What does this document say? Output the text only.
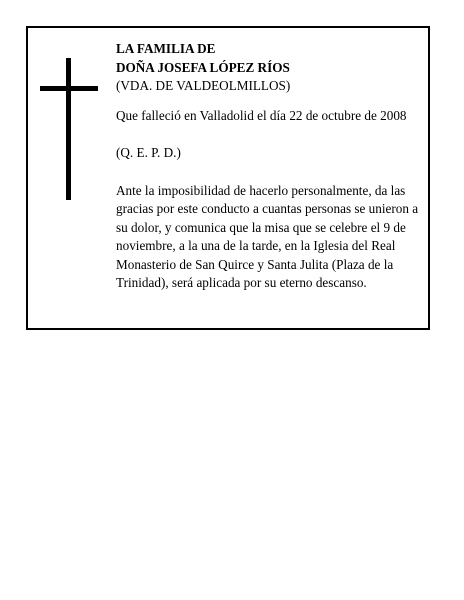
LA FAMILIA DE

DOÑA JOSEFA LÓPEZ RÍOS

(VDA. DE VALDEOLMILLOS)

Que falleció en Valladolid el día 22 de octubre de 2008

(Q. E. P. D.)

Ante la imposibilidad de hacerlo personalmente, da las gracias por este conducto a cuantas personas se unieron a su dolor, y comunica que la misa que se celebre el 9 de noviembre, a la una de la tarde, en la Iglesia del Real Monasterio de San Quirce y Santa Julita (Plaza de la Trinidad), será aplicada por su eterno descanso.
